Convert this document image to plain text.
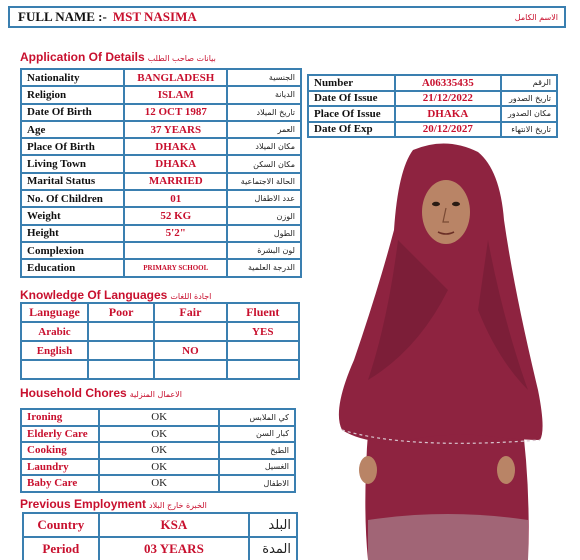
FULL NAME :- MST NASIMA	الاسم الكامل
Application Of Details بيانات صاحب الطلب
Nationality	BANGLADESH	الجنسية
Religion	ISLAM	الديانة
Date Of Birth	12 OCT 1987	تاريخ الميلاد
Age	37 YEARS	العمر
Place Of Birth	DHAKA	مكان الميلاد
Living Town	DHAKA	مكان السكن
Marital Status	MARRIED	الحالة الاجتماعية
No. Of Children	01	عدد الاطفال
Weight	52 KG	الوزن
Height	5'2"	الطول
Complexion		لون البشرة
Education	PRIMARY SCHOOL	الدرجة العلمية
Number	A06335435	الرقم
Date Of Issue	21/12/2022	تاريخ الصدور
Place Of Issue	DHAKA	مكان الصدور
Date Of Exp	20/12/2027	تاريخ الانتهاء
Knowledge Of Languages اجادة اللغات
Language	Poor	Fair	Fluent
Arabic			YES
English		NO	

Household Chores الاعمال المنزلية
Ironing	OK	كي الملابس
Elderly Care	OK	كبار السن
Cooking	OK	الطبخ
Laundry	OK	الغسيل
Baby Care	OK	الاطفال
Previous Employment الخبرة خارج البلاد
Country	KSA	البلد
Period	03 YEARS	المدة
